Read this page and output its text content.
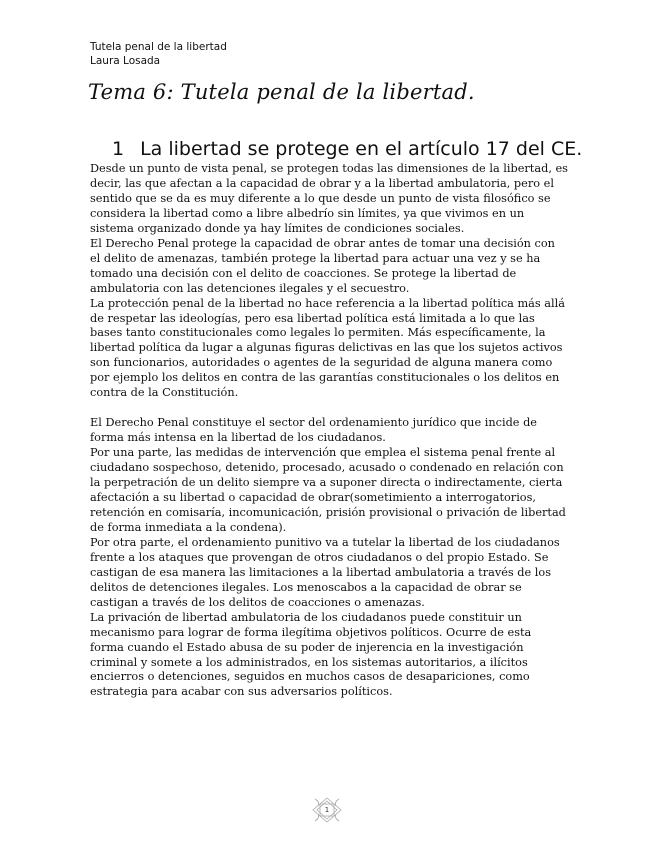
Tutela penal de la libertad
Laura Losada
Tema 6: Tutela penal de la libertad.
1 La libertad se protege en el artículo 17 del CE.

Desde un punto de vista penal, se protegen todas las dimensiones de la libertad, es decir, las que afectan a la capacidad de obrar y a la libertad ambulatoria, pero el sentido que se da es muy diferente a lo que desde un punto de vista filosófico se considera la libertad como a libre albedrío sin límites, ya que vivimos en un sistema organizado donde ya hay límites de condiciones sociales.

El Derecho Penal protege la capacidad de obrar antes de tomar una decisión con el delito de amenazas, también protege la libertad para actuar una vez y se ha tomado una decisión con el delito de coacciones. Se protege la libertad de ambulatoria con las detenciones ilegales y el secuestro.

La protección penal de la libertad no hace referencia a la libertad política más allá de respetar las ideologías, pero esa libertad política está limitada a lo que las bases tanto constitucionales como legales lo permiten. Más específicamente, la libertad política da lugar a algunas figuras delictivas en las que los sujetos activos son funcionarios, autoridades o agentes de la seguridad de alguna manera como por ejemplo los delitos en contra de las garantías constitucionales o los delitos en contra de la Constitución.

El Derecho Penal constituye el sector del ordenamiento jurídico que incide de forma más intensa en la libertad de los ciudadanos.

Por una parte, las medidas de intervención que emplea el sistema penal frente al ciudadano sospechoso, detenido, procesado, acusado o condenado en relación con la perpetración de un delito siempre va a suponer directa o indirectamente, cierta afectación a su libertad o capacidad de obrar(sometimiento a interrogatorios, retención en comisaría, incomunicación, prisión provisional o privación de libertad de forma inmediata a la condena).

Por otra parte, el ordenamiento punitivo va a tutelar la libertad de los ciudadanos frente a los ataques que provengan de otros ciudadanos o del propio Estado. Se castigan de esa manera las limitaciones a la libertad ambulatoria a través de los delitos de detenciones ilegales. Los menoscabos a la capacidad de obrar se castigan a través de los delitos de coacciones o amenazas.

La privación de libertad ambulatoria de los ciudadanos puede constituir un mecanismo para lograr de forma ilegítima objetivos políticos. Ocurre de esta forma cuando el Estado abusa de su poder de injerencia en la investigación criminal y somete a los administrados, en los sistemas autoritarios, a ilícitos encierros o detenciones, seguidos en muchos casos de desapariciones, como estrategia para acabar con sus adversarios políticos.

1
